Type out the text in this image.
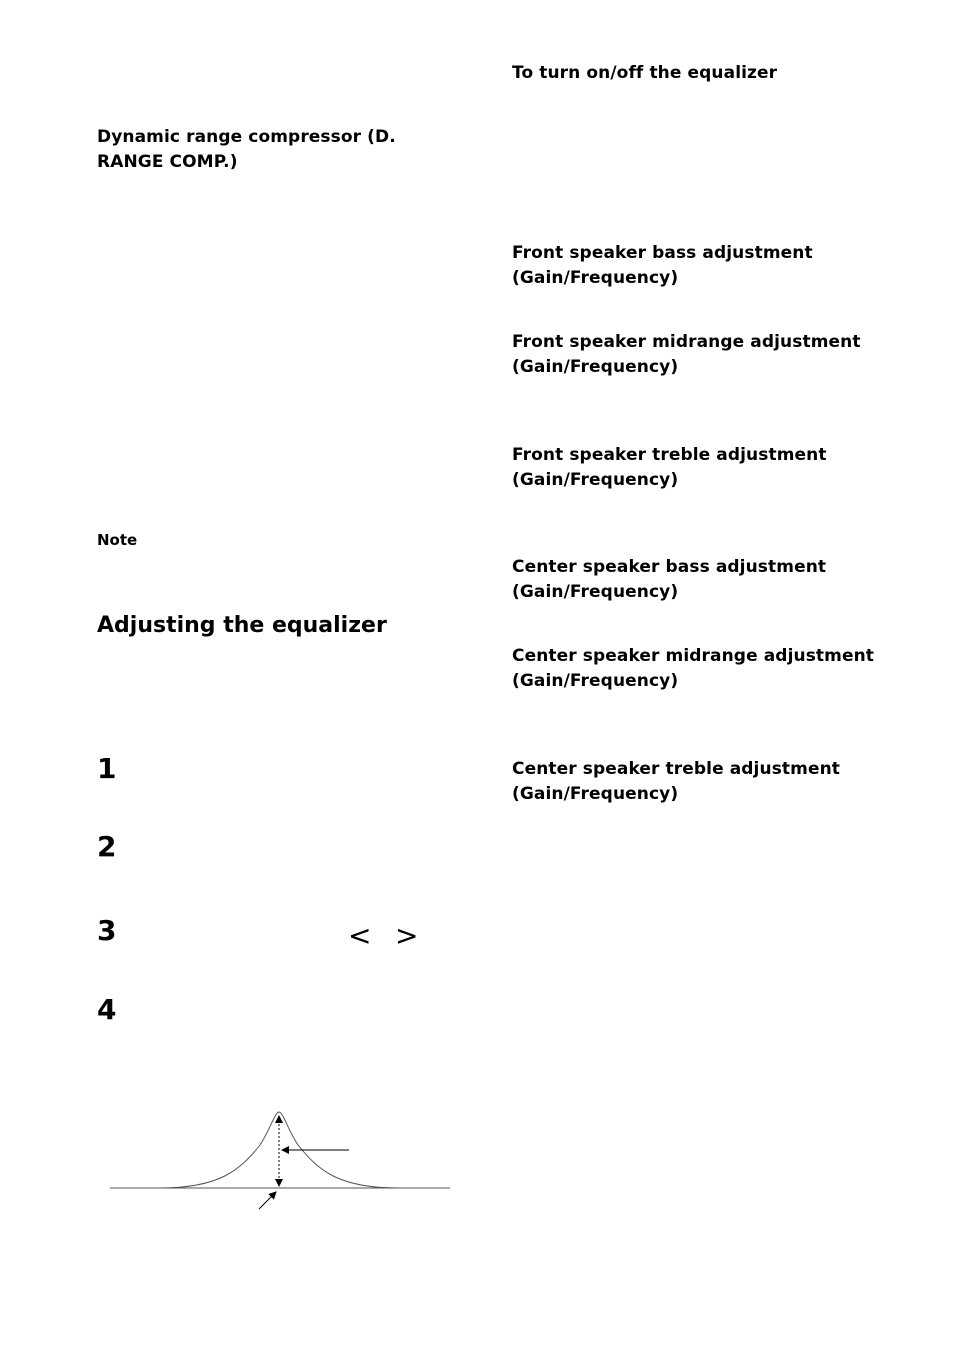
Dynamic range compressor (D.
RANGE COMP.)
Note
Adjusting the equalizer
1
2
3	< >
4
To turn on/off the equalizer
Front speaker bass adjustment
(Gain/Frequency)
Front speaker midrange adjustment
(Gain/Frequency)
Front speaker treble adjustment
(Gain/Frequency)
Center speaker bass adjustment
(Gain/Frequency)
Center speaker midrange adjustment
(Gain/Frequency)
Center speaker treble adjustment
(Gain/Frequency)
